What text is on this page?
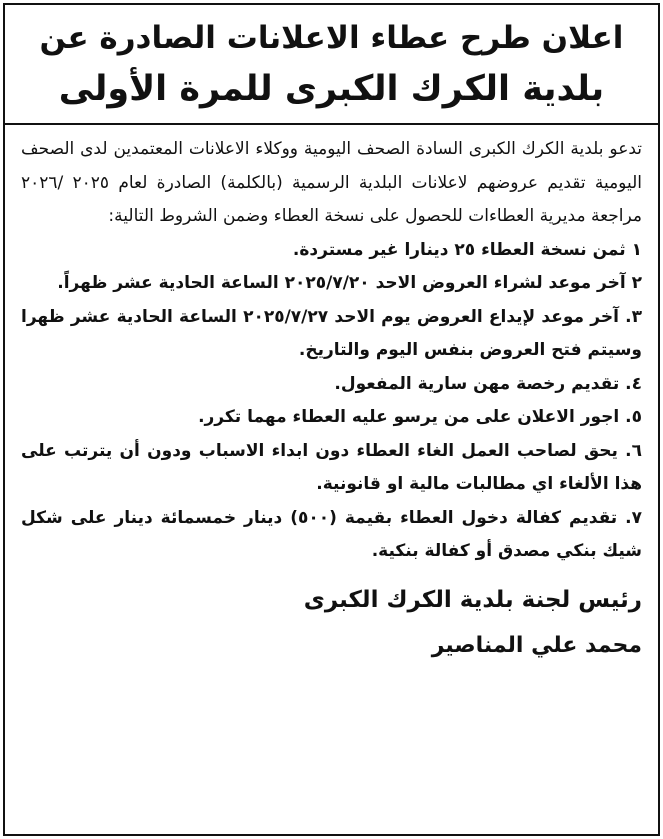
اعلان طرح عطاء الاعلانات الصادرة عن

بلدية الكرك الكبرى للمرة الأولى

تدعو بلدية الكرك الكبرى السادة الصحف اليومية ووكلاء الاعلانات المعتمدين لدى الصحف اليومية تقديم عروضهم لاعلانات البلدية الرسمية (بالكلمة) الصادرة لعام ٢٠٢٥ /٢٠٢٦ مراجعة مديرية العطاءات للحصول على نسخة العطاء وضمن الشروط التالية:

١ ثمن نسخة العطاء ٢٥ دينارا غير مستردة.

٢ آخر موعد لشراء العروض الاحد ٢٠٢٥/٧/٢٠ الساعة الحادية عشر ظهراً.

٣. آخر موعد لإيداع العروض يوم الاحد ٢٠٢٥/٧/٢٧ الساعة الحادية عشر ظهرا وسيتم فتح العروض بنفس اليوم والتاريخ.

٤. تقديم رخصة مهن سارية المفعول.

٥. اجور الاعلان على من يرسو عليه العطاء مهما تكرر.

٦. يحق لصاحب العمل الغاء العطاء دون ابداء الاسباب ودون أن يترتب على هذا الألغاء اي مطالبات مالية او قانونية.

٧. تقديم كفالة دخول العطاء بقيمة (٥٠٠) دينار خمسمائة دينار على شكل شيك بنكي مصدق أو كفالة بنكية.

رئيس لجنة بلدية الكرك الكبرى

محمد علي المناصير
